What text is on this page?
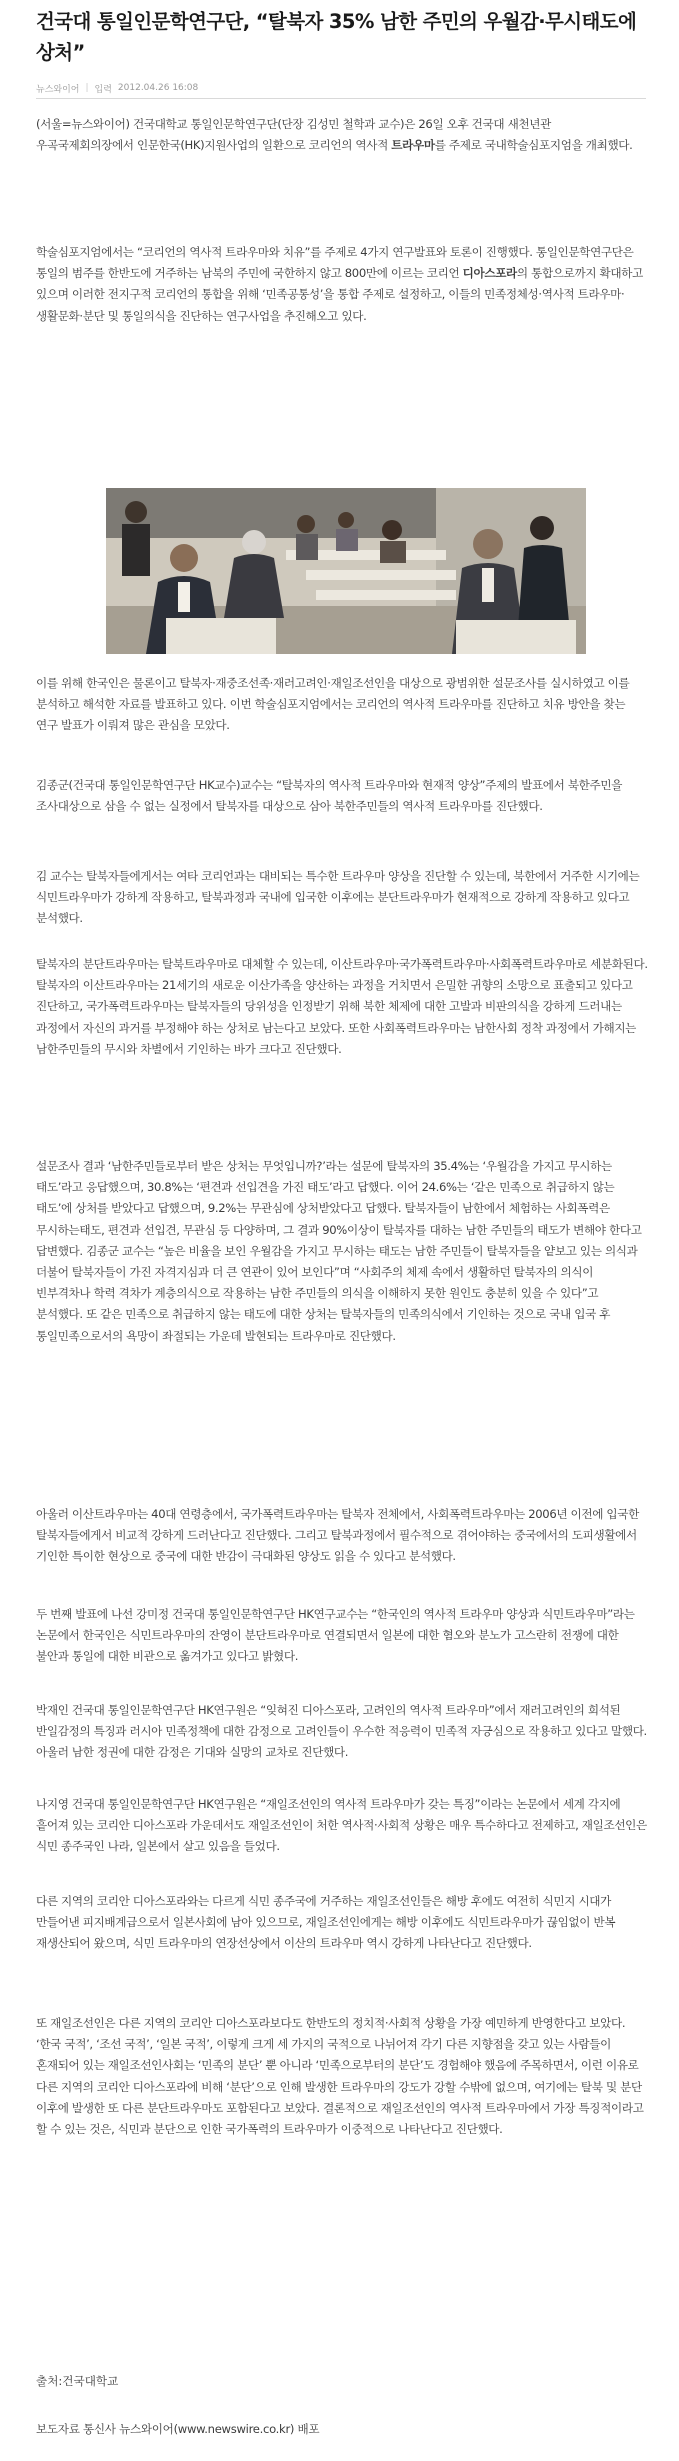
건국대 통일인문학연구단, “탈북자 35% 남한 주민의 우월감·무시태도에 상처”
뉴스와이어 | 입력 2012.04.26 16:08

(서울=뉴스와이어) 건국대학교 통일인문학연구단(단장 김성민 철학과 교수)은 26일 오후 건국대 새천년관 우곡국제회의장에서 인문한국(HK)지원사업의 일환으로 코리언의 역사적 트라우마를 주제로 국내학술심포지엄을 개최했다.

학술심포지엄에서는 “코리언의 역사적 트라우마와 치유”를 주제로 4가지 연구발표와 토론이 진행했다. 통일인문학연구단은 통일의 범주를 한반도에 거주하는 남북의 주민에 국한하지 않고 800만에 이르는 코리언 디아스포라의 통합으로까지 확대하고 있으며 이러한 전지구적 코리언의 통합을 위해 ‘민족공통성’을 통합 주제로 설정하고, 이들의 민족정체성·역사적 트라우마·생활문화·분단 및 통일의식을 진단하는 연구사업을 추진해오고 있다.

이를 위해 한국인은 물론이고 탈북자·재중조선족·재러고려인·재일조선인을 대상으로 광범위한 설문조사를 실시하였고 이를 분석하고 해석한 자료를 발표하고 있다. 이번 학술심포지엄에서는 코리언의 역사적 트라우마를 진단하고 치유 방안을 찾는 연구 발표가 이뤄져 많은 관심을 모았다.

김종군(건국대 통일인문학연구단 HK교수)교수는 “탈북자의 역사적 트라우마와 현재적 양상”주제의 발표에서 북한주민을 조사대상으로 삼을 수 없는 실정에서 탈북자를 대상으로 삼아 북한주민들의 역사적 트라우마를 진단했다.

김 교수는 탈북자들에게서는 여타 코리언과는 대비되는 특수한 트라우마 양상을 진단할 수 있는데, 북한에서 거주한 시기에는 식민트라우마가 강하게 작용하고, 탈북과정과 국내에 입국한 이후에는 분단트라우마가 현재적으로 강하게 작용하고 있다고 분석했다.

탈북자의 분단트라우마는 탈북트라우마로 대체할 수 있는데, 이산트라우마·국가폭력트라우마·사회폭력트라우마로 세분화된다. 탈북자의 이산트라우마는 21세기의 새로운 이산가족을 양산하는 과정을 거치면서 은밀한 귀향의 소망으로 표출되고 있다고 진단하고, 국가폭력트라우마는 탈북자들의 당위성을 인정받기 위해 북한 체제에 대한 고발과 비판의식을 강하게 드러내는 과정에서 자신의 과거를 부정해야 하는 상처로 남는다고 보았다. 또한 사회폭력트라우마는 남한사회 정착 과정에서 가해지는 남한주민들의 무시와 차별에서 기인하는 바가 크다고 진단했다.

설문조사 결과 ‘남한주민들로부터 받은 상처는 무엇입니까?’라는 설문에 탈북자의 35.4%는 ‘우월감을 가지고 무시하는 태도’라고 응답했으며, 30.8%는 ‘편견과 선입견을 가진 태도’라고 답했다. 이어 24.6%는 ‘같은 민족으로 취급하지 않는 태도’에 상처를 받았다고 답했으며, 9.2%는 무관심에 상처받았다고 답했다. 탈북자들이 남한에서 체험하는 사회폭력은 무시하는태도, 편견과 선입견, 무관심 등 다양하며, 그 결과 90%이상이 탈북자를 대하는 남한 주민들의 태도가 변해야 한다고 답변했다. 김종군 교수는 “높은 비율을 보인 우월감을 가지고 무시하는 태도는 남한 주민들이 탈북자들을 얕보고 있는 의식과 더불어 탈북자들이 가진 자격지심과 더 큰 연관이 있어 보인다”며 “사회주의 체제 속에서 생활하던 탈북자의 의식이 빈부격차나 학력 격차가 계층의식으로 작용하는 남한 주민들의 의식을 이해하지 못한 원인도 충분히 있을 수 있다”고 분석했다. 또 같은 민족으로 취급하지 않는 태도에 대한 상처는 탈북자들의 민족의식에서 기인하는 것으로 국내 입국 후 통일민족으로서의 욕망이 좌절되는 가운데 발현되는 트라우마로 진단했다.

아울러 이산트라우마는 40대 연령층에서, 국가폭력트라우마는 탈북자 전체에서, 사회폭력트라우마는 2006년 이전에 입국한 탈북자들에게서 비교적 강하게 드러난다고 진단했다. 그리고 탈북과정에서 필수적으로 겪어야하는 중국에서의 도피생활에서 기인한 특이한 현상으로 중국에 대한 반감이 극대화된 양상도 읽을 수 있다고 분석했다.

두 번째 발표에 나선 강미정 건국대 통일인문학연구단 HK연구교수는 “한국인의 역사적 트라우마 양상과 식민트라우마”라는 논문에서 한국인은 식민트라우마의 잔영이 분단트라우마로 연결되면서 일본에 대한 혐오와 분노가 고스란히 전쟁에 대한 불안과 통일에 대한 비관으로 옮겨가고 있다고 밝혔다.

박재인 건국대 통일인문학연구단 HK연구원은 “잊혀진 디아스포라, 고려인의 역사적 트라우마”에서 재러고려인의 희석된 반일감정의 특징과 러시아 민족정책에 대한 감정으로 고려인들이 우수한 적응력이 민족적 자긍심으로 작용하고 있다고 말했다. 아울러 남한 정권에 대한 감정은 기대와 실망의 교차로 진단했다.

나지영 건국대 통일인문학연구단 HK연구원은 “재일조선인의 역사적 트라우마가 갖는 특징”이라는 논문에서 세계 각지에 흩어져 있는 코리안 디아스포라 가운데서도 재일조선인이 처한 역사적·사회적 상황은 매우 특수하다고 전제하고, 재일조선인은 식민 종주국인 나라, 일본에서 살고 있음을 들었다.

다른 지역의 코리안 디아스포라와는 다르게 식민 종주국에 거주하는 재일조선인들은 해방 후에도 여전히 식민지 시대가 만들어낸 피지배계급으로서 일본사회에 남아 있으므로, 재일조선인에게는 해방 이후에도 식민트라우마가 끊임없이 반복 재생산되어 왔으며, 식민 트라우마의 연장선상에서 이산의 트라우마 역시 강하게 나타난다고 진단했다.

또 재일조선인은 다른 지역의 코리안 디아스포라보다도 한반도의 정치적·사회적 상황을 가장 예민하게 반영한다고 보았다. ‘한국 국적’, ‘조선 국적’, ‘일본 국적’, 이렇게 크게 세 가지의 국적으로 나뉘어져 각기 다른 지향점을 갖고 있는 사람들이 혼재되어 있는 재일조선인사회는 ‘민족의 분단’ 뿐 아니라 ‘민족으로부터의 분단’도 경험해야 했음에 주목하면서, 이런 이유로 다른 지역의 코리안 디아스포라에 비해 ‘분단’으로 인해 발생한 트라우마의 강도가 강할 수밖에 없으며, 여기에는 탈북 및 분단 이후에 발생한 또 다른 분단트라우마도 포함된다고 보았다. 결론적으로 재일조선인의 역사적 트라우마에서 가장 특징적이라고 할 수 있는 것은, 식민과 분단으로 인한 국가폭력의 트라우마가 이중적으로 나타난다고 진단했다.

출처:건국대학교

보도자료 통신사 뉴스와이어(www.newswire.co.kr) 배포
